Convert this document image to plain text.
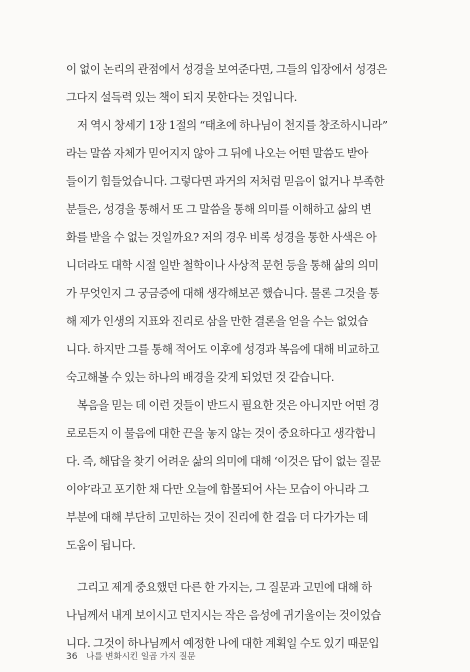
이 없이 논리의 관점에서 성경을 보여준다면, 그들의 입장에서 성경은
그다지 설득력 있는 책이 되지 못한다는 것입니다.
저 역시 창세기 1장 1절의 “태초에 하나님이 천지를 창조하시니라”
라는 말씀 자체가 믿어지지 않아 그 뒤에 나오는 어떤 말씀도 받아
들이기 힘들었습니다. 그렇다면 과거의 저처럼 믿음이 없거나 부족한
분들은, 성경을 통해서 또 그 말씀을 통해 의미를 이해하고 삶의 변
화를 받을 수 없는 것일까요? 저의 경우 비록 성경을 통한 사색은 아
니더라도 대학 시절 일반 철학이나 사상적 문헌 등을 통해 삶의 의미
가 무엇인지 그 궁금증에 대해 생각해보곤 했습니다. 물론 그것을 통
해 제가 인생의 지표와 진리로 삼을 만한 결론을 얻을 수는 없었습
니다. 하지만 그를 통해 적어도 이후에 성경과 복음에 대해 비교하고
숙고해볼 수 있는 하나의 배경을 갖게 되었던 것 같습니다.
복음을 믿는 데 이런 것들이 반드시 필요한 것은 아니지만 어떤 경
로로든지 이 물음에 대한 끈을 놓지 않는 것이 중요하다고 생각합니
다. 즉, 해답을 찾기 어려운 삶의 의미에 대해 ‘이것은 답이 없는 질문
이야’라고 포기한 채 다만 오늘에 함몰되어 사는 모습이 아니라 그
부분에 대해 부단히 고민하는 것이 진리에 한 걸음 더 다가가는 데
도움이 됩니다.
그리고 제게 중요했던 다른 한 가지는, 그 질문과 고민에 대해 하
나님께서 내게 보이시고 던지시는 작은 음성에 귀기울이는 것이었습
니다. 그것이 하나님께서 예정한 나에 대한 계획일 수도 있기 때문입
36 나를 변화시킨 일곱 가지 질문
